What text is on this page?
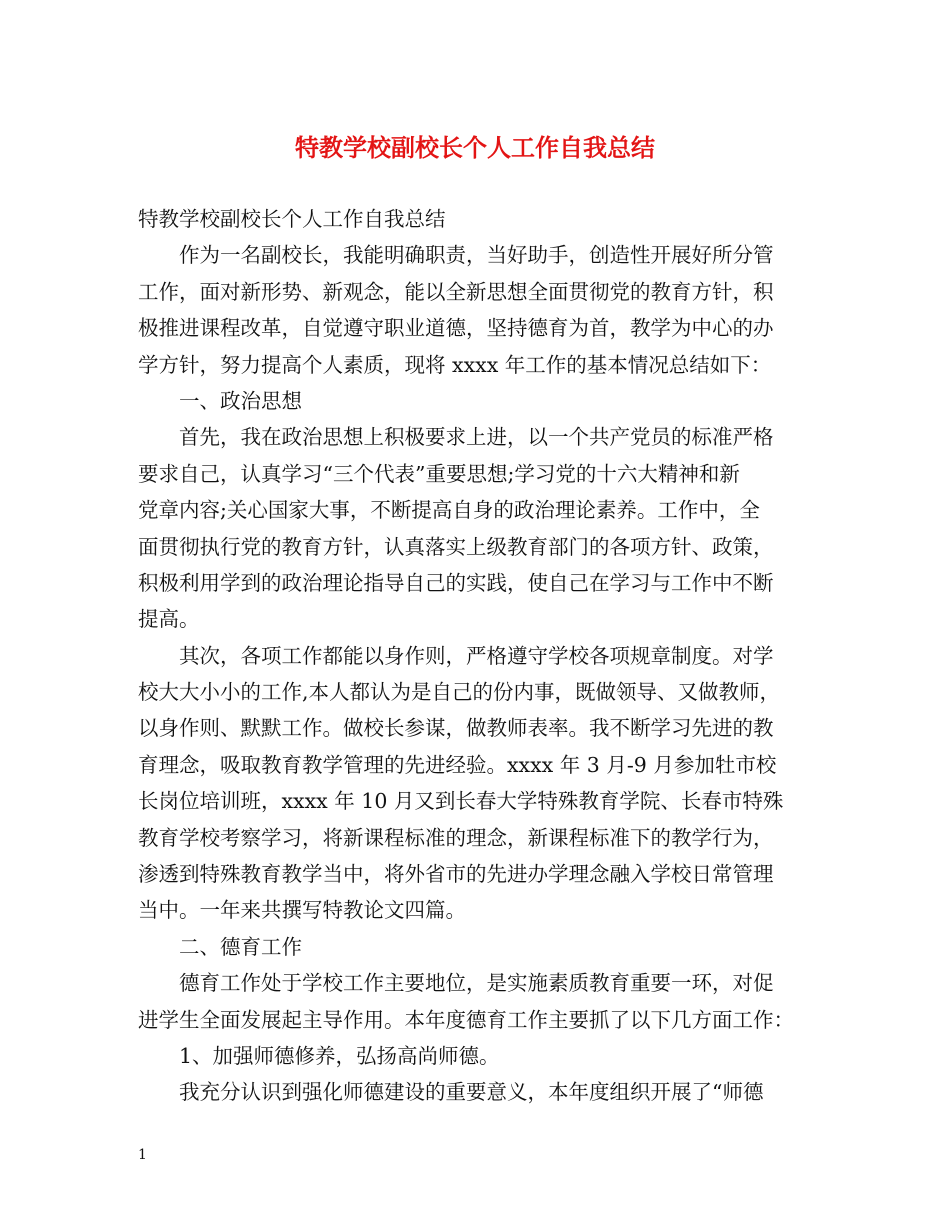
特教学校副校长个人工作自我总结
特教学校副校长个人工作自我总结
　　作为一名副校长，我能明确职责，当好助手，创造性开展好所分管
工作，面对新形势、新观念，能以全新思想全面贯彻党的教育方针，积
极推进课程改革，自觉遵守职业道德，坚持德育为首，教学为中心的办
学方针，努力提高个人素质，现将 xxxx 年工作的基本情况总结如下：
　　一、政治思想
　　首先，我在政治思想上积极要求上进，以一个共产党员的标准严格
要求自己，认真学习“三个代表”重要思想;学习党的十六大精神和新
党章内容;关心国家大事，不断提高自身的政治理论素养。工作中，全
面贯彻执行党的教育方针，认真落实上级教育部门的各项方针、政策，
积极利用学到的政治理论指导自己的实践，使自己在学习与工作中不断
提高。
　　其次，各项工作都能以身作则，严格遵守学校各项规章制度。对学
校大大小小的工作,本人都认为是自己的份内事，既做领导、又做教师，
以身作则、默默工作。做校长参谋，做教师表率。我不断学习先进的教
育理念，吸取教育教学管理的先进经验。xxxx 年 3 月-9 月参加牡市校
长岗位培训班，xxxx 年 10 月又到长春大学特殊教育学院、长春市特殊
教育学校考察学习，将新课程标准的理念，新课程标准下的教学行为，
渗透到特殊教育教学当中，将外省市的先进办学理念融入学校日常管理
当中。一年来共撰写特教论文四篇。
　　二、德育工作
　　德育工作处于学校工作主要地位，是实施素质教育重要一环，对促
进学生全面发展起主导作用。本年度德育工作主要抓了以下几方面工作：
　　1、加强师德修养，弘扬高尚师德。
　　我充分认识到强化师德建设的重要意义，本年度组织开展了“师德
1
